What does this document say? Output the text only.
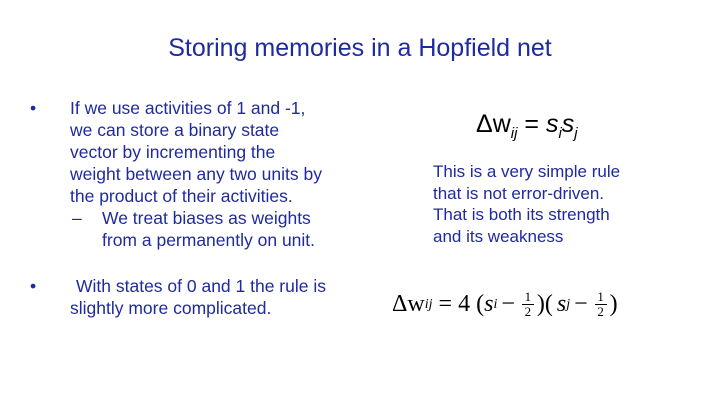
Storing memories in a Hopfield net
• If we use activities of 1 and -1,
we can store a binary state
vector by incrementing the
weight between any two units by
the product of their activities.
– We treat biases as weights
from a permanently on unit.
•	With states of 0 and 1 the rule is
slightly more complicated.
$\Delta w_{ij} = s_is_j$
This is a very simple rule
that is not error-driven.
That is both its strength
and its weakness
Δw ij = 4 ( s $i - \frac{1}{2}$ )( s $j - \frac{1}{2}$ )
